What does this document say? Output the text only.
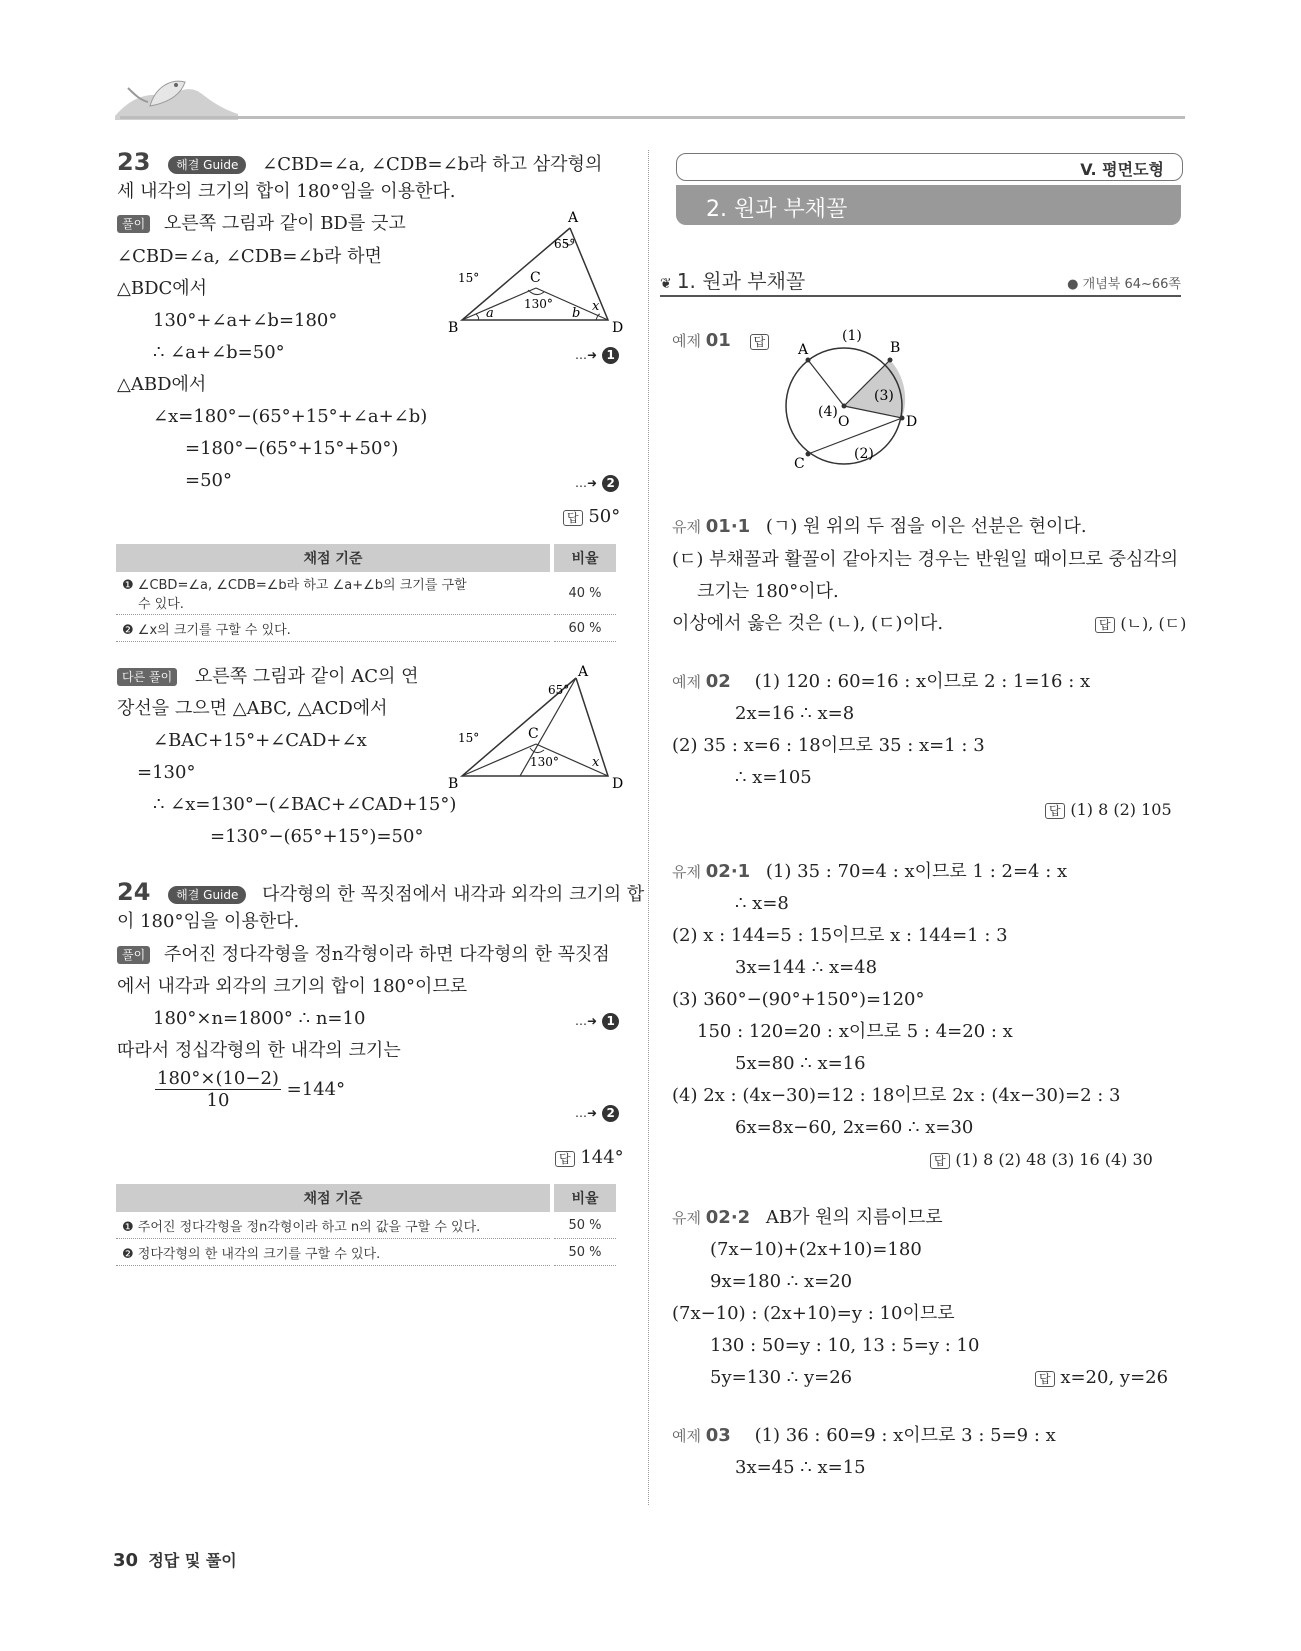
23 해결 Guide ∠CBD=∠a, ∠CDB=∠b라 하고 삼각형의
세 내각의 크기의 합이 180°임을 이용한다.
풀이 오른쪽 그림과 같이 BD를 긋고
∠CBD=∠a, ∠CDB=∠b라 하면
△BDC에서
130°+∠a+∠b=180°
∴ ∠a+∠b=50°	…➜ 1
△ABD에서
∠x=180°−(65°+15°+∠a+∠b)
=180°−(65°+15°+50°)
=50°	…➜ 2
답 50°
A
B
C
D
65°
15°
130°
a	b x
채점 기준	비율
❶ ∠CBD=∠a, ∠CDB=∠b라 하고 ∠a+∠b의 크기를 구할
수 있다.	40 %
❷ ∠x의 크기를 구할 수 있다.	60 %
다른 풀이 오른쪽 그림과 같이 AC의 연
장선을 그으면 △ABC, △ACD에서
∠BAC+15°+∠CAD+∠x
=130°
∴ ∠x=130°−(∠BAC+∠CAD+15°)
=130°−(65°+15°)=50°
A
B
C
D
65°
15°
130°	x
24 해결 Guide 다각형의 한 꼭짓점에서 내각과 외각의 크기의 합
이 180°임을 이용한다.
풀이 주어진 정다각형을 정n각형이라 하면 다각형의 한 꼭짓점
에서 내각과 외각의 크기의 합이 180°이므로
180°×n=1800° ∴ n=10	…➜ 1
따라서 정십각형의 한 내각의 크기는
$\frac{180^\circ\times(10-2)}{10} =144^\circ$
…➜ 2
답 144°
채점 기준	비율
❶ 주어진 정다각형을 정n각형이라 하고 n의 값을 구할 수 있다.	50 %
❷ 정다각형의 한 내각의 크기를 구할 수 있다.	50 %
V. 평면도형
2. 원과 부채꼴
❦ 1. 원과 부채꼴	● 개념북 64~66쪽
예제 01 답 A	B
C
D
O
(1)
(2)
(3)
(4)
유제 01·1 (ㄱ) 원 위의 두 점을 이은 선분은 현이다.
(ㄷ) 부채꼴과 활꼴이 같아지는 경우는 반원일 때이므로 중심각의
크기는 180°이다.
이상에서 옳은 것은 (ㄴ), (ㄷ)이다.	답 (ㄴ), (ㄷ)
예제 02 (1) 120 : 60=16 : x이므로 2 : 1=16 : x
2x=16 ∴ x=8
(2) 35 : x=6 : 18이므로 35 : x=1 : 3
∴ x=105
답 (1) 8 (2) 105
유제 02·1 (1) 35 : 70=4 : x이므로 1 : 2=4 : x
∴ x=8
(2) x : 144=5 : 15이므로 x : 144=1 : 3
3x=144 ∴ x=48
(3) 360°−(90°+150°)=120°
150 : 120=20 : x이므로 5 : 4=20 : x
5x=80 ∴ x=16
(4) 2x : (4x−30)=12 : 18이므로 2x : (4x−30)=2 : 3
6x=8x−60, 2x=60 ∴ x=30
답 (1) 8 (2) 48 (3) 16 (4) 30
유제 02·2 AB가 원의 지름이므로
(7x−10)+(2x+10)=180
9x=180 ∴ x=20
(7x−10) : (2x+10)=y : 10이므로
130 : 50=y : 10, 13 : 5=y : 10
5y=130 ∴ y=26	답 x=20, y=26
예제 03 (1) 36 : 60=9 : x이므로 3 : 5=9 : x
3x=45 ∴ x=15
30 정답 및 풀이
